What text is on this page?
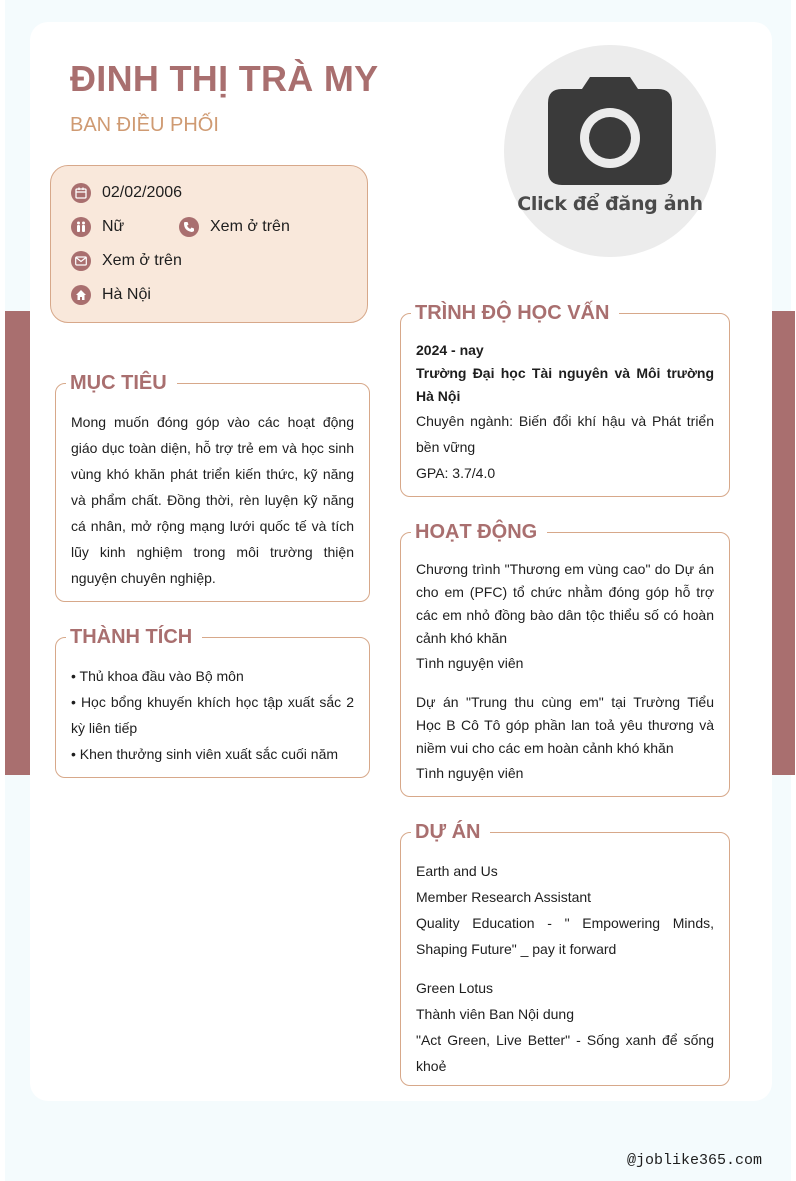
ĐINH THỊ TRÀ MY
BAN ĐIỀU PHỐI
Click để đăng ảnh
02/02/2006
Nữ	Xem ở trên
Xem ở trên
Hà Nội
MỤC TIÊU
Mong muốn đóng góp vào các hoạt động giáo dục toàn diện, hỗ trợ trẻ em và học sinh vùng khó khăn phát triển kiến thức, kỹ năng và phẩm chất. Đồng thời, rèn luyện kỹ năng cá nhân, mở rộng mạng lưới quốc tế và tích lũy kinh nghiệm trong môi trường thiện nguyện chuyên nghiệp.
THÀNH TÍCH
• Thủ khoa đầu vào Bộ môn
• Học bổng khuyến khích học tập xuất sắc 2 kỳ liên tiếp
• Khen thưởng sinh viên xuất sắc cuối năm
TRÌNH ĐỘ HỌC VẤN
2024 - nay
Trường Đại học Tài nguyên và Môi trường Hà Nội
Chuyên ngành: Biến đổi khí hậu và Phát triển bền vững
GPA: 3.7/4.0
HOẠT ĐỘNG
Chương trình "Thương em vùng cao" do Dự án cho em (PFC) tổ chức nhằm đóng góp hỗ trợ các em nhỏ đồng bào dân tộc thiểu số có hoàn cảnh khó khăn
Tình nguyện viên
Dự án "Trung thu cùng em" tại Trường Tiểu Học B Cô Tô góp phần lan toả yêu thương và niềm vui cho các em hoàn cảnh khó khăn
Tình nguyện viên
DỰ ÁN
Earth and Us
Member Research Assistant
Quality Education - " Empowering Minds, Shaping Future" _ pay it forward
Green Lotus
Thành viên Ban Nội dung
"Act Green, Live Better" - Sống xanh để sống khoẻ
@joblike365.com
